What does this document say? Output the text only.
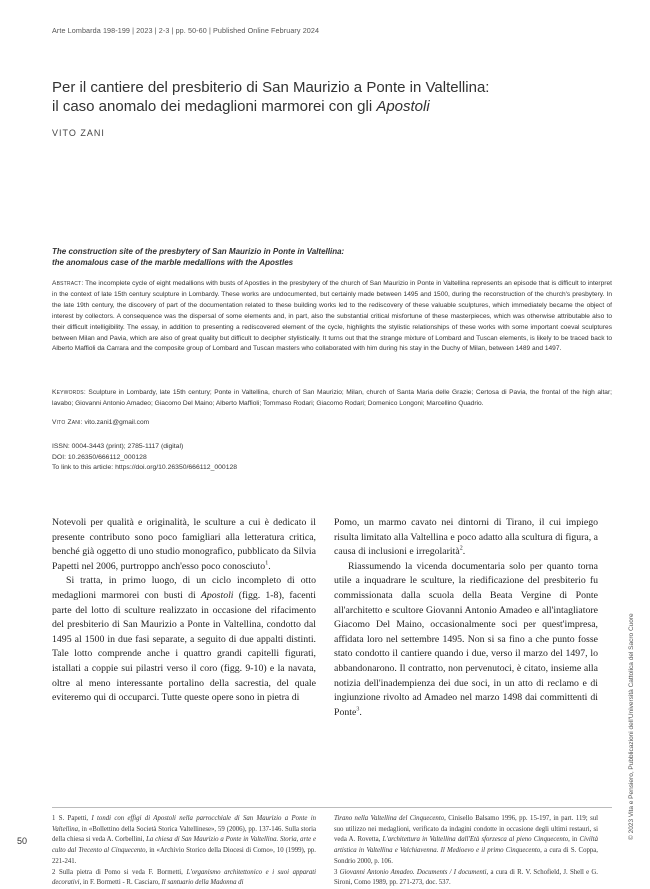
Arte Lombarda 198-199 | 2023 | 2-3 | pp. 50-60 | Published Online February 2024
Per il cantiere del presbiterio di San Maurizio a Ponte in Valtellina:
il caso anomalo dei medaglioni marmorei con gli Apostoli
VITO ZANI
The construction site of the presbytery of San Maurizio in Ponte in Valtellina:
the anomalous case of the marble medallions with the Apostles
Abstract: The incomplete cycle of eight medallions with busts of Apostles in the presbytery of the church of San Maurizio in Ponte in Valtellina represents an episode that is difficult to interpret in the context of late 15th century sculpture in Lombardy. These works are undocumented, but certainly made between 1495 and 1500, during the reconstruction of the church's presbytery. In the late 19th century, the discovery of part of the documentation related to these building works led to the rediscovery of these valuable sculptures, which immediately became the object of interest by collectors. A consequence was the dispersal of some elements and, in part, also the substantial critical misfortune of these masterpieces, which was otherwise attributable also to their difficult intelligibility. The essay, in addition to presenting a rediscovered element of the cycle, highlights the stylistic relationships of these works with some important coeval sculptures between Milan and Pavia, which are also of great quality but difficult to decipher stylistically. It turns out that the strange mixture of Lombard and Tuscan elements, is likely to be traced back to Alberto Maffioli da Carrara and the composite group of Lombard and Tuscan masters who collaborated with him during his stay in the Duchy of Milan, between 1489 and 1497.
Keywords: Sculpture in Lombardy, late 15th century; Ponte in Valtellina, church of San Maurizio; Milan, church of Santa Maria delle Grazie; Certosa di Pavia, the frontal of the high altar; lavabo; Giovanni Antonio Amadeo; Giacomo Del Maino; Alberto Maffioli; Tommaso Rodari; Giacomo Rodari; Domenico Longoni; Marcellino Quadrio.
Vito Zani: vito.zani1@gmail.com
ISSN: 0004-3443 (print); 2785-1117 (digital)
DOI: 10.26350/666112_000128
To link to this article: https://doi.org/10.26350/666112_000128

Notevoli per qualità e originalità, le sculture a cui è dedicato il presente contributo sono poco famigliari alla letteratura critica, benché già oggetto di uno studio monografico, pubblicato da Silvia Papetti nel 2006, purtroppo anch'esso poco conosciuto$^1$.

Si tratta, in primo luogo, di un ciclo incompleto di otto medaglioni marmorei con busti di Apostoli (figg. 1-8), facenti parte del lotto di sculture realizzato in occasione del rifacimento del presbiterio di San Maurizio a Ponte in Valtellina, condotto dal 1495 al 1500 in due fasi separate, a seguito di due appalti distinti. Tale lotto comprende anche i quattro grandi capitelli figurati, istallati a coppie sui pilastri verso il coro (figg. 9-10) e la navata, oltre al meno interessante portalino della sacrestia, del quale eviteremo qui di occuparci. Tutte queste opere sono in pietra di

Pomo, un marmo cavato nei dintorni di Tirano, il cui impiego risulta limitato alla Valtellina e poco adatto alla scultura di figura, a causa di inclusioni e irregolarità$^2$.

Riassumendo la vicenda documentaria solo per quanto torna utile a inquadrare le sculture, la riedificazione del presbiterio fu commissionata dalla scuola della Beata Vergine di Ponte all'architetto e scultore Giovanni Antonio Amadeo e all'intagliatore Giacomo Del Maino, occasionalmente soci per quest'impresa, affidata loro nel settembre 1495. Non si sa fino a che punto fosse stato condotto il cantiere quando i due, verso il marzo del 1497, lo abbandonarono. Il contratto, non pervenutoci, è citato, insieme alla notizia dell'inadempienza dei due soci, in un atto di reclamo e di ingiunzione rivolto ad Amadeo nel marzo 1498 dai committenti di Ponte$^3$.

1 S. Papetti, I tondi con effigi di Apostoli nella parrocchiale di San Maurizio a Ponte in Valtellina, in «Bollettino della Società Storica Valtellinese», 59 (2006), pp. 137-146. Sulla storia della chiesa si veda A. Corbellini, La chiesa di San Maurizio a Ponte in Valtellina. Storia, arte e culto dal Trecento al Cinquecento, in «Archivio Storico della Diocesi di Como», 10 (1999), pp. 221-241.

2 Sulla pietra di Pomo si veda F. Bormetti, L'organismo architettonico e i suoi apparati decorativi, in F. Bormetti - R. Casciaro, Il santuario della Madonna di

Tirano nella Valtellina del Cinquecento, Cinisello Balsamo 1996, pp. 15-197, in part. 119; sul suo utilizzo nei medaglioni, verificato da indagini condotte in occasione degli ultimi restauri, si veda A. Rovetta, L'architettura in Valtellina dall'Età sforzesca al pieno Cinquecento, in Civiltà artistica in Valtellina e Valchiavenna. Il Medioevo e il primo Cinquecento, a cura di S. Coppa, Sondrio 2000, p. 106.

3 Giovanni Antonio Amadeo. Documents / I documenti, a cura di R. V. Schofield, J. Shell e G. Sironi, Como 1989, pp. 271-273, doc. 537.

50
© 2023 Vita e Pensiero, Pubblicazioni dell'Università Cattolica del Sacro Cuore
